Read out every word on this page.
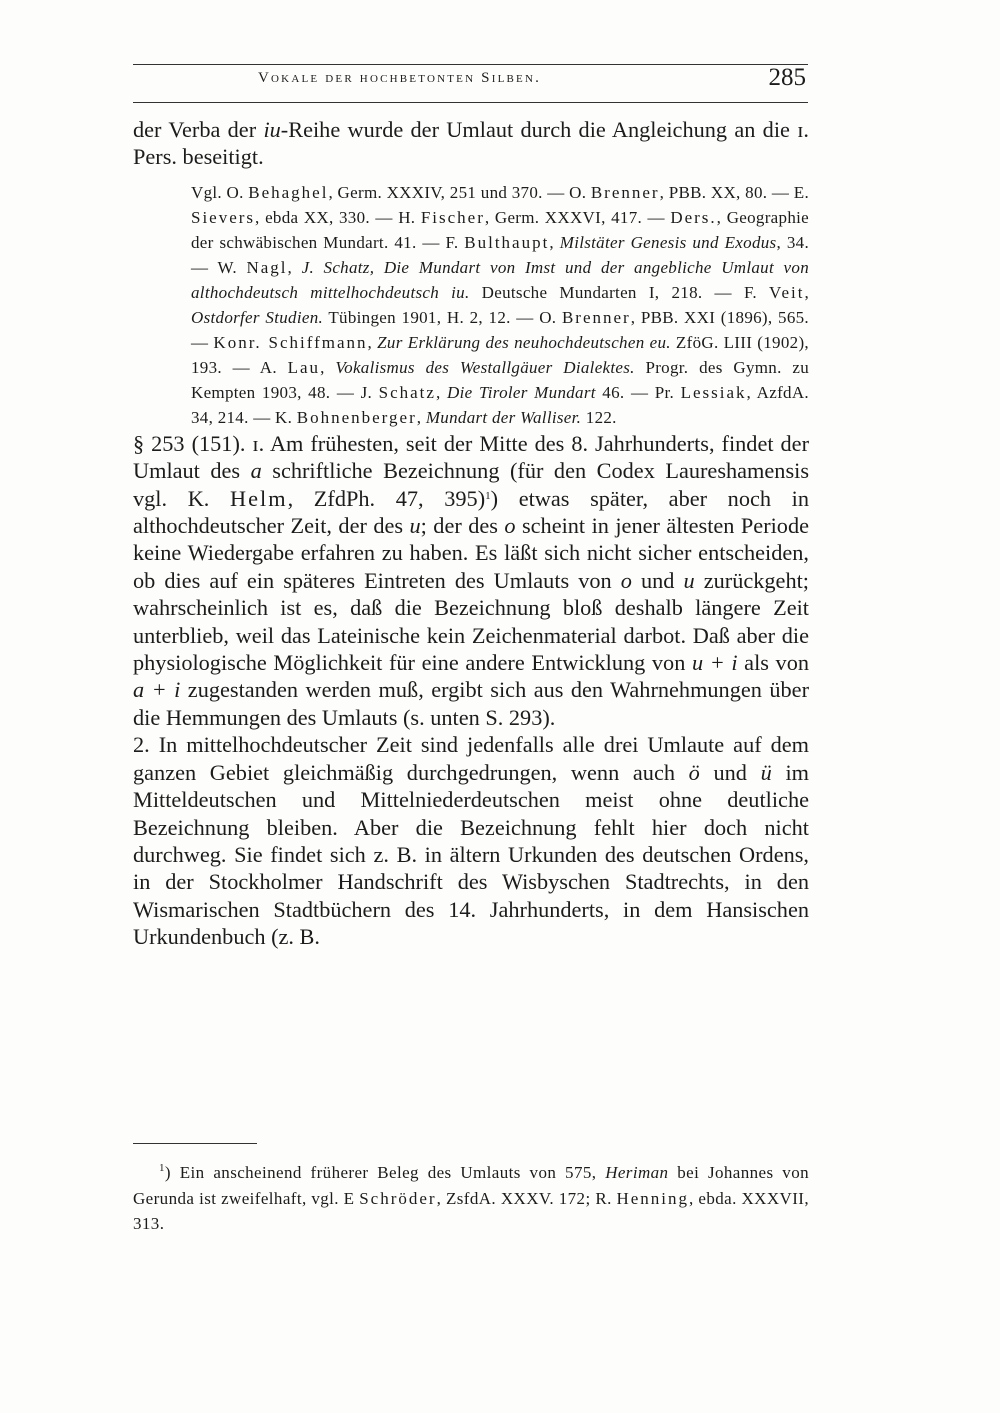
Vokale der hochbetonten Silben.	285

der Verba der iu-Reihe wurde der Umlaut durch die Angleichung an die ɪ. Pers. beseitigt.

Vgl. O. Behaghel, Germ. XXXIV, 251 und 370. — O. Brenner, PBB. XX, 80. — E. Sievers, ebda XX, 330. — H. Fischer, Germ. XXXVI, 417. — Ders., Geographie der schwäbischen Mundart. 41. — F. Bulthaupt, Milstäter Genesis und Exodus, 34. — W. Nagl, J. Schatz, Die Mundart von Imst und der angebliche Umlaut von althochdeutsch mittelhochdeutsch iu. Deutsche Mundarten I, 218. — F. Veit, Ostdorfer Studien. Tübingen 1901, H. 2, 12. — O. Brenner, PBB. XXI (1896), 565. — Konr. Schiffmann, Zur Erklärung des neuhochdeutschen eu. ZföG. LIII (1902), 193. — A. Lau, Vokalismus des Westallgäuer Dialektes. Progr. des Gymn. zu Kempten 1903, 48. — J. Schatz, Die Tiroler Mundart 46. — Pr. Lessiak, AzfdA. 34, 214. — K. Bohnenberger, Mundart der Walliser. 122.

§ 253 (151). ɪ. Am frühesten, seit der Mitte des 8. Jahrhunderts, findet der Umlaut des a schriftliche Bezeichnung (für den Codex Laureshamensis vgl. K. Helm, ZfdPh. 47, 395)$^1$) etwas später, aber noch in althochdeutscher Zeit, der des u; der des o scheint in jener ältesten Periode keine Wiedergabe erfahren zu haben. Es läßt sich nicht sicher entscheiden, ob dies auf ein späteres Eintreten des Umlauts von o und u zurückgeht; wahrscheinlich ist es, daß die Bezeichnung bloß deshalb längere Zeit unterblieb, weil das Lateinische kein Zeichenmaterial darbot. Daß aber die physiologische Möglichkeit für eine andere Entwicklung von u + i als von a + i zugestanden werden muß, ergibt sich aus den Wahrnehmungen über die Hemmungen des Umlauts (s. unten S. 293).

2. In mittelhochdeutscher Zeit sind jedenfalls alle drei Umlaute auf dem ganzen Gebiet gleichmäßig durchgedrungen, wenn auch ö und ü im Mitteldeutschen und Mittelniederdeutschen meist ohne deutliche Bezeichnung bleiben. Aber die Bezeichnung fehlt hier doch nicht durchweg. Sie findet sich z. B. in ältern Urkunden des deutschen Ordens, in der Stockholmer Handschrift des Wisbyschen Stadtrechts, in den Wismarischen Stadtbüchern des 14. Jahrhunderts, in dem Hansischen Urkundenbuch (z. B.

$^1$) Ein anscheinend früherer Beleg des Umlauts von 575, Heriman bei Johannes von Gerunda ist zweifelhaft, vgl. E Schröder, ZsfdA. XXXV. 172; R. Henning, ebda. XXXVII, 313.
